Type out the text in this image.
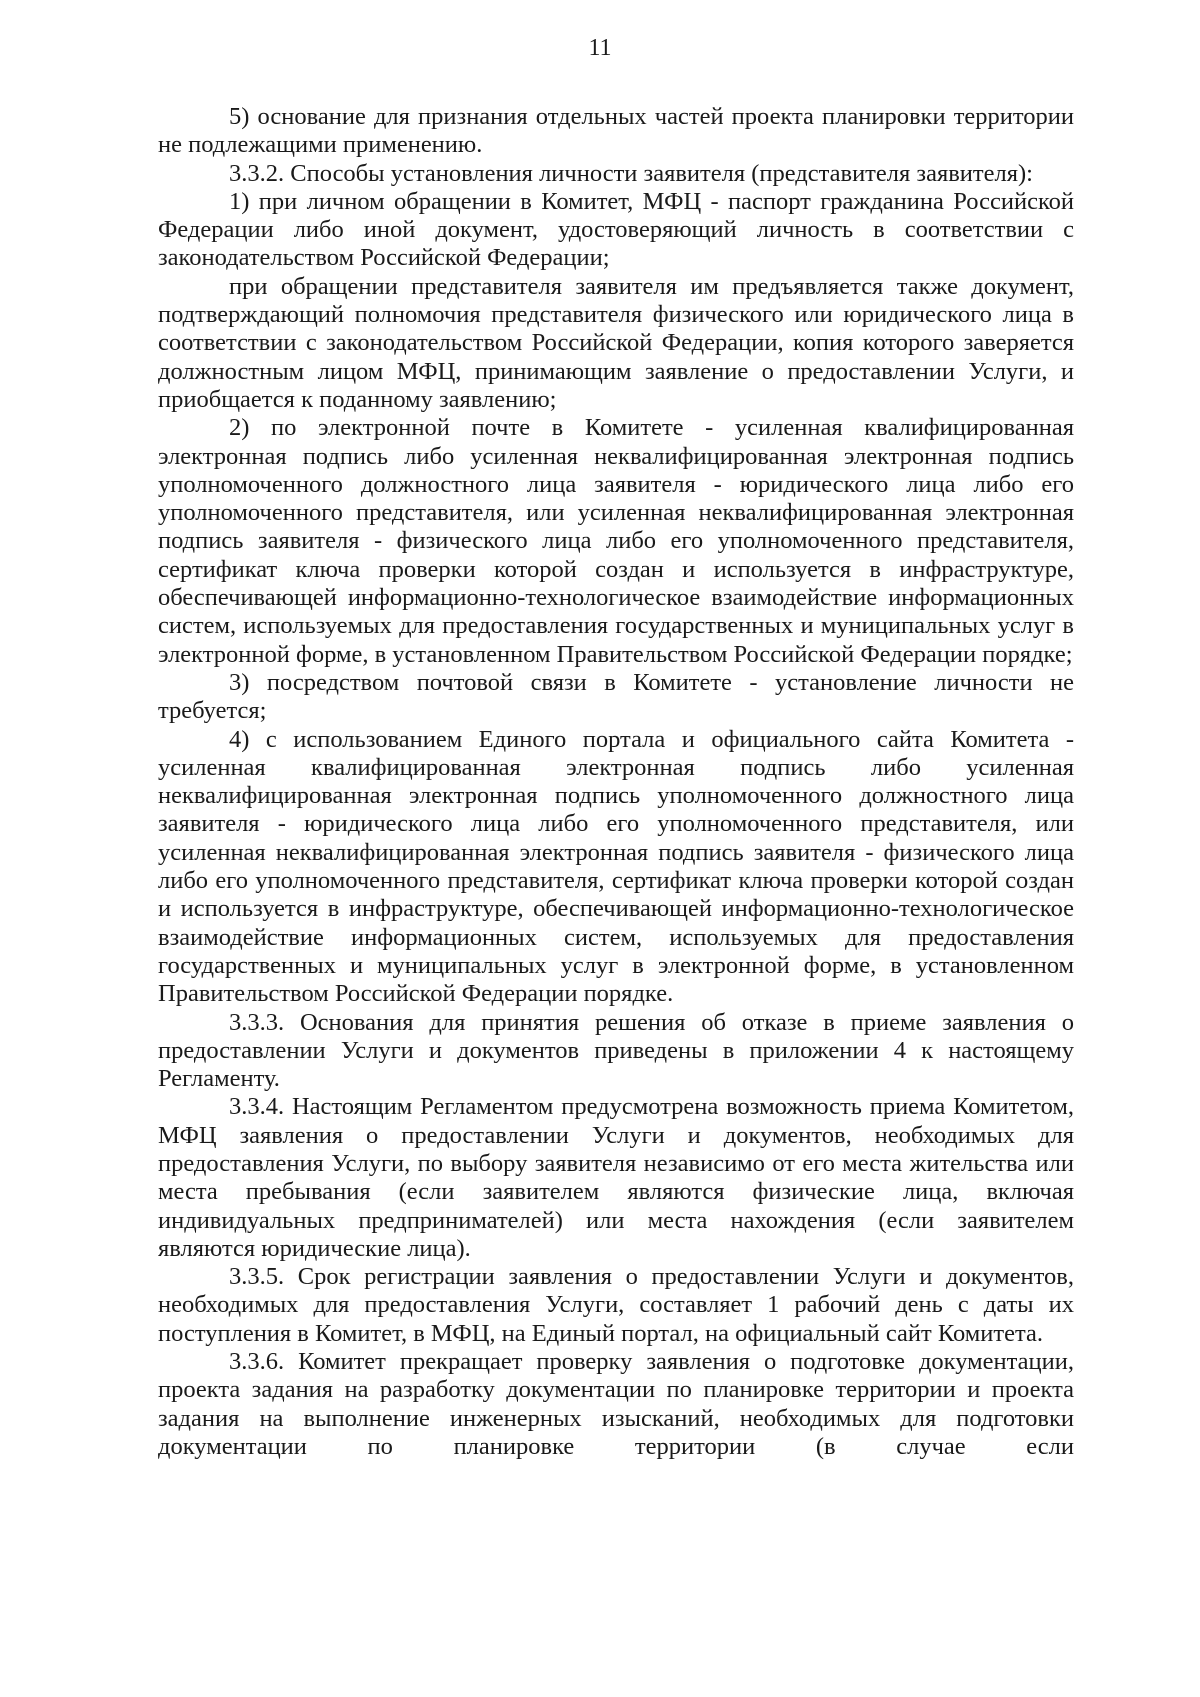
11

5) основание для признания отдельных частей проекта планировки территории не подлежащими применению.

3.3.2. Способы установления личности заявителя (представителя заявителя):

1) при личном обращении в Комитет, МФЦ - паспорт гражданина Российской Федерации либо иной документ, удостоверяющий личность в соответствии с законодательством Российской Федерации;

при обращении представителя заявителя им предъявляется также документ, подтверждающий полномочия представителя физического или юридического лица в соответствии с законодательством Российской Федерации, копия которого заверяется должностным лицом МФЦ, принимающим заявление о предоставлении Услуги, и приобщается к поданному заявлению;

2) по электронной почте в Комитете - усиленная квалифицированная электронная подпись либо усиленная неквалифицированная электронная подпись уполномоченного должностного лица заявителя - юридического лица либо его уполномоченного представителя, или усиленная неквалифицированная электронная подпись заявителя - физического лица либо его уполномоченного представителя, сертификат ключа проверки которой создан и используется в инфраструктуре, обеспечивающей информационно-технологическое взаимодействие информационных систем, используемых для предоставления государственных и муниципальных услуг в электронной форме, в установленном Правительством Российской Федерации порядке;

3) посредством почтовой связи в Комитете - установление личности не требуется;

4) с использованием Единого портала и официального сайта Комитета - усиленная квалифицированная электронная подпись либо усиленная неквалифицированная электронная подпись уполномоченного должностного лица заявителя - юридического лица либо его уполномоченного представителя, или усиленная неквалифицированная электронная подпись заявителя - физического лица либо его уполномоченного представителя, сертификат ключа проверки которой создан и используется в инфраструктуре, обеспечивающей информационно-технологическое взаимодействие информационных систем, используемых для предоставления государственных и муниципальных услуг в электронной форме, в установленном Правительством Российской Федерации порядке.

3.3.3. Основания для принятия решения об отказе в приеме заявления о предоставлении Услуги и документов приведены в приложении 4 к настоящему Регламенту.

3.3.4. Настоящим Регламентом предусмотрена возможность приема Комитетом, МФЦ заявления о предоставлении Услуги и документов, необходимых для предоставления Услуги, по выбору заявителя независимо от его места жительства или места пребывания (если заявителем являются физические лица, включая индивидуальных предпринимателей) или места нахождения (если заявителем являются юридические лица).

3.3.5. Срок регистрации заявления о предоставлении Услуги и документов, необходимых для предоставления Услуги, составляет 1 рабочий день с даты их поступления в Комитет, в МФЦ, на Единый портал, на официальный сайт Комитета.

3.3.6. Комитет прекращает проверку заявления о подготовке документации, проекта задания на разработку документации по планировке территории и проекта задания на выполнение инженерных изысканий, необходимых для подготовки документации по планировке территории (в случае если
